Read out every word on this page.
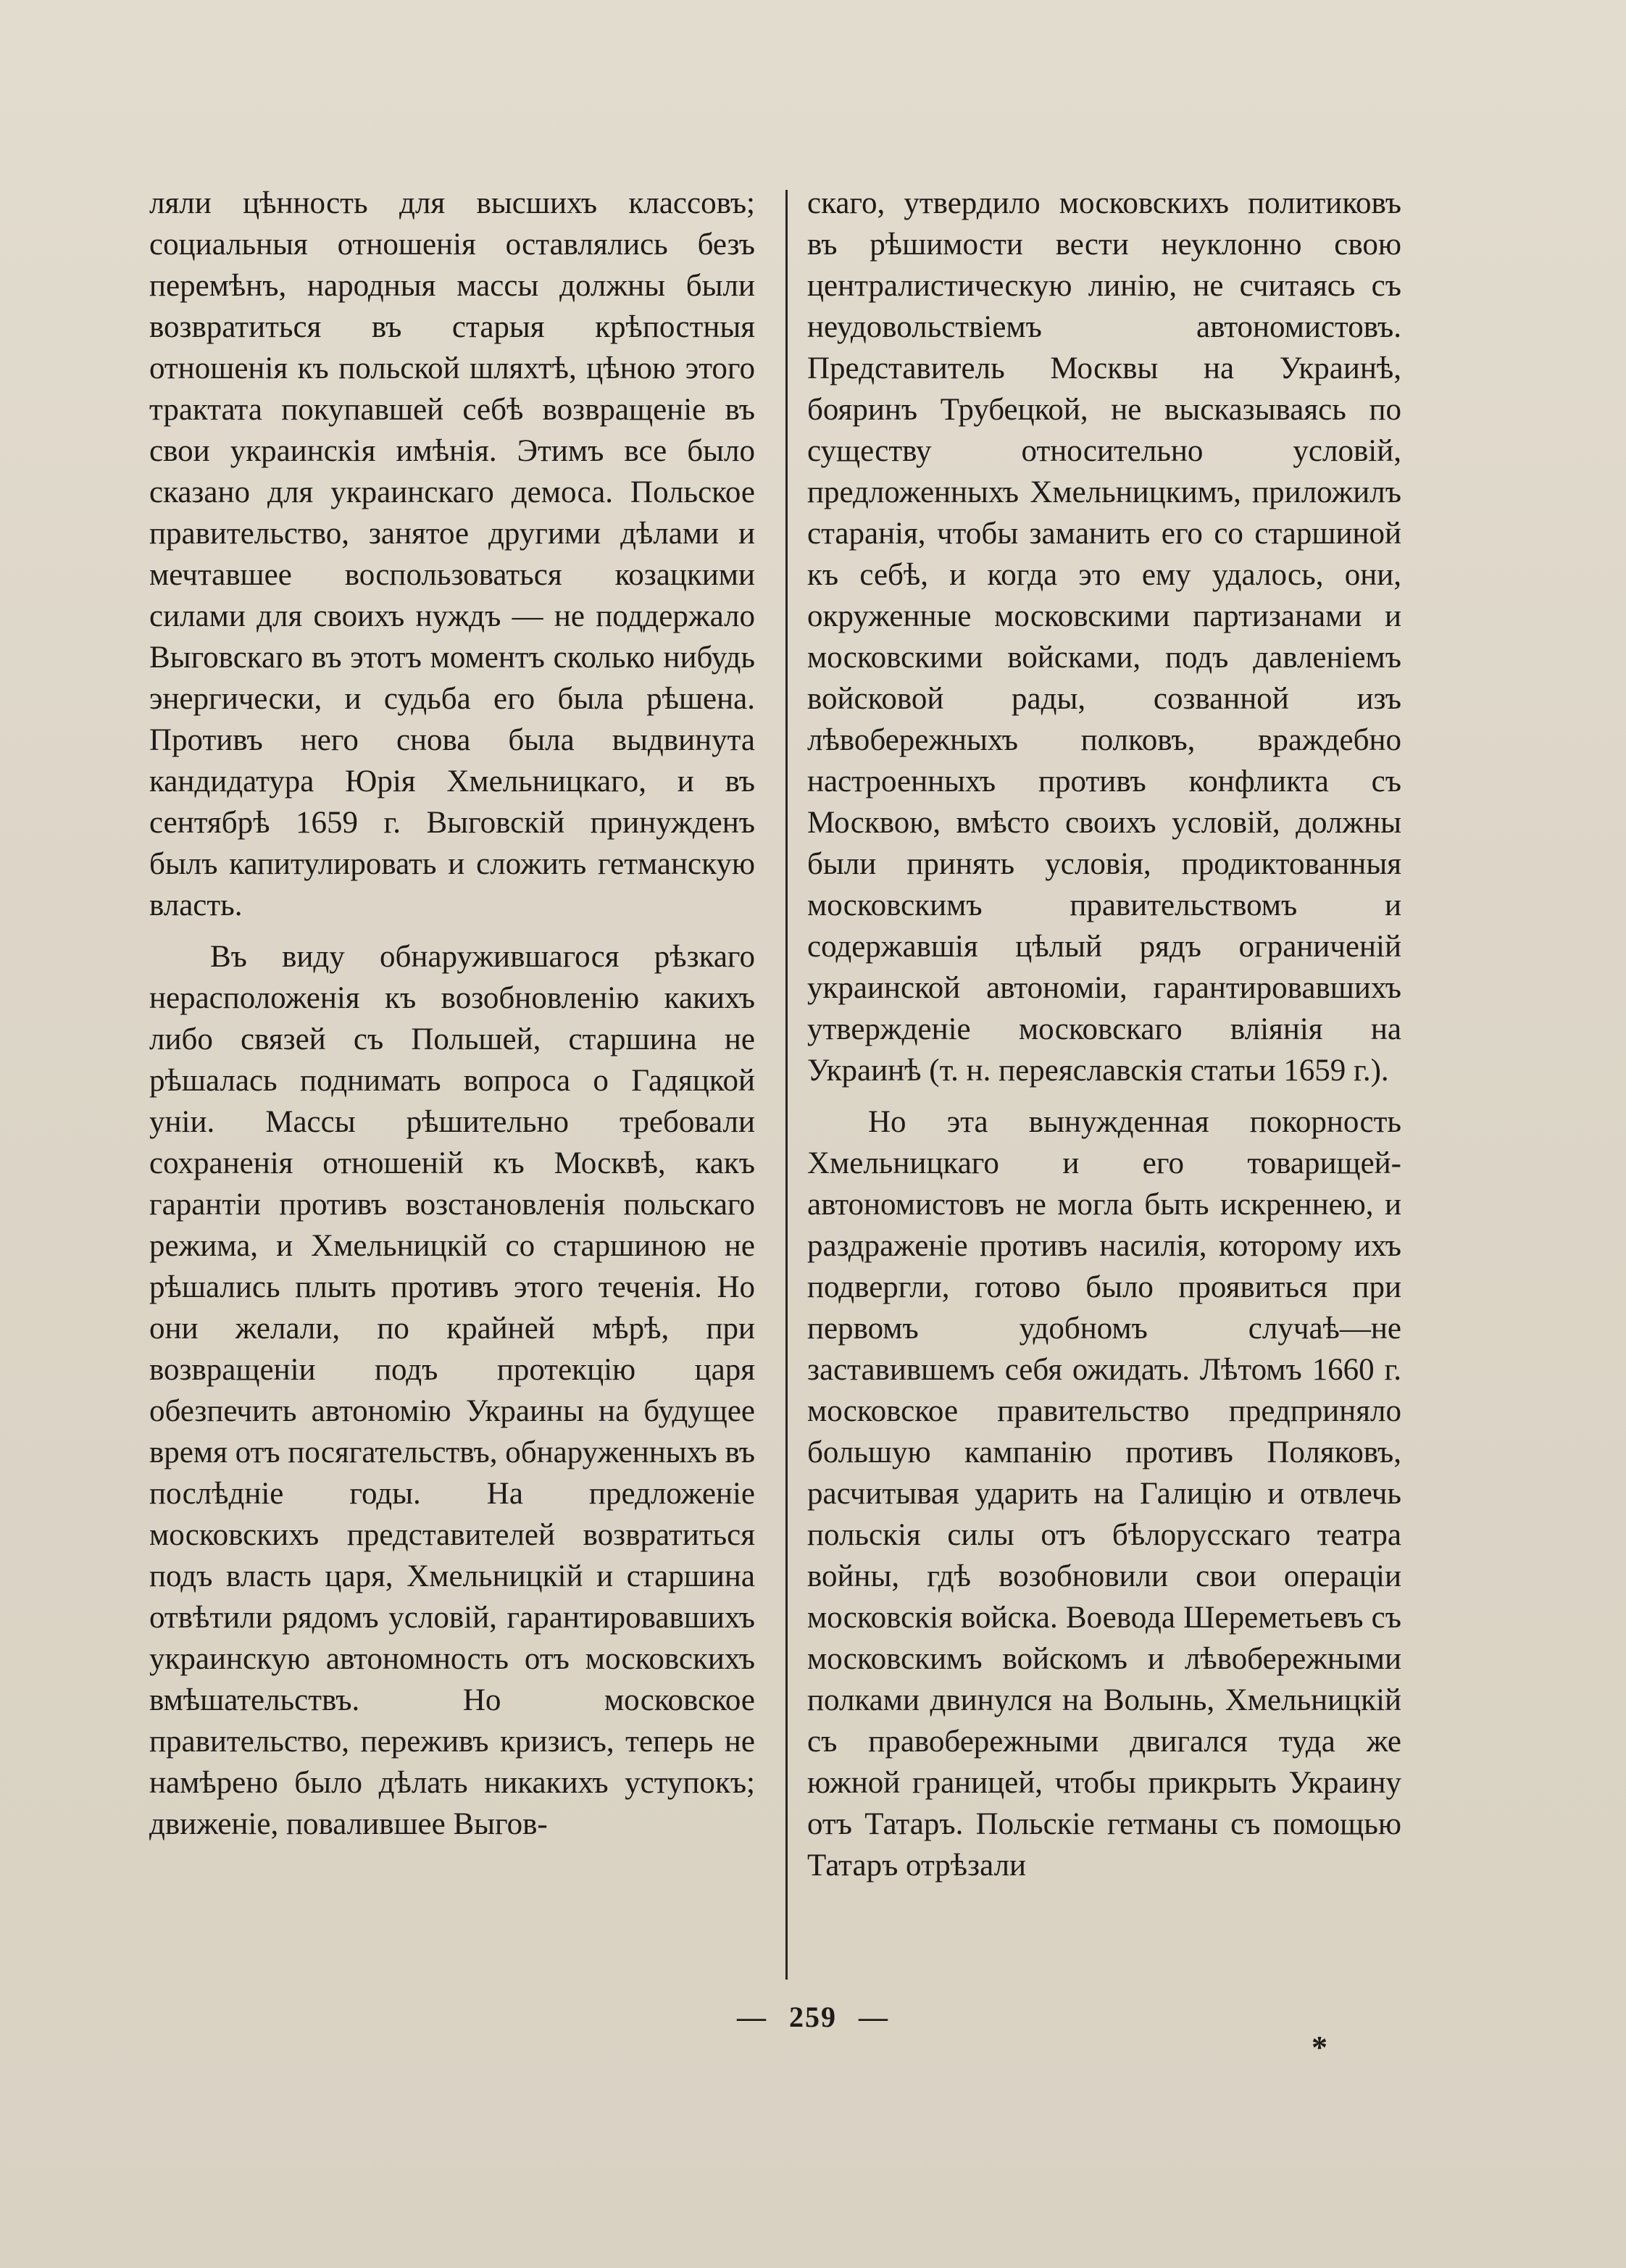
ляли цѣнность для высшихъ классовъ; социальныя отношенія оставлялись безъ перемѣнъ, народныя массы должны были возвратиться въ старыя крѣпостныя отношенія къ польской шляхтѣ, цѣною этого трактата покупавшей себѣ возвращеніе въ свои украинскія имѣнія. Этимъ все было сказано для украинскаго демоса. Польское правительство, занятое другими дѣлами и мечтавшее воспользоваться козацкими силами для своихъ нуждъ — не поддержало Выговскаго въ этотъ моментъ сколько нибудь энергически, и судьба его была рѣшена. Противъ него снова была выдвинута кандидатура Юрія Хмельницкаго, и въ сентябрѣ 1659 г. Выговскій принужденъ былъ капитулировать и сложить гетманскую власть.

Въ виду обнаружившагося рѣзкаго нерасположенія къ возобновленію какихъ либо связей съ Польшей, старшина не рѣшалась поднимать вопроса о Гадяцкой уніи. Массы рѣшительно требовали сохраненія отношеній къ Москвѣ, какъ гарантіи противъ возстановленія польскаго режима, и Хмельницкій со старшиною не рѣшались плыть противъ этого теченія. Но они желали, по крайней мѣрѣ, при возвращеніи подъ протекцію царя обезпечить автономію Украины на будущее время отъ посягательствъ, обнаруженныхъ въ послѣдніе годы. На предложеніе московскихъ представителей возвратиться подъ власть царя, Хмельницкій и старшина отвѣтили рядомъ условій, гарантировавшихъ украинскую автономность отъ московскихъ вмѣшательствъ. Но московское правительство, переживъ кризисъ, теперь не намѣрено было дѣлать никакихъ уступокъ; движеніе, повалившее Выгов-

скаго, утвердило московскихъ политиковъ въ рѣшимости вести неуклонно свою централистическую линію, не считаясь съ неудовольствіемъ автономистовъ. Представитель Москвы на Украинѣ, бояринъ Трубецкой, не высказываясь по существу относительно условій, предложенныхъ Хмельницкимъ, приложилъ старанія, чтобы замaнить его со старшиной къ себѣ, и когда это ему удалось, они, окруженные московскими партизанами и московскими войсками, подъ давленіемъ войсковой рады, созванной изъ лѣвобережныхъ полковъ, враждебно настроенныхъ противъ конфликта съ Москвою, вмѣсто своихъ условій, должны были принять условія, продиктованныя московскимъ правительствомъ и содержавшія цѣлый рядъ ограниченій украинской автономіи, гарантировавшихъ утвержденіе московскаго вліянія на Украинѣ (т. н. переяславскія статьи 1659 г.).

Но эта вынужденная покорность Хмельницкаго и его товарищей-автономистовъ не могла быть искреннею, и раздраженіе противъ насилія, которому ихъ подвергли, готово было проявиться при первомъ удобномъ случаѣ—не заставившемъ себя ожидать. Лѣтомъ 1660 г. московское правительство предприняло большую кампанію противъ Поляковъ, расчитывая ударить на Галицію и отвлечь польскія силы отъ бѣлорусскаго театра войны, гдѣ возобновили свои операціи московскія войска. Воевода Шереметьевъ съ московскимъ войскомъ и лѣвобережными полками двинулся на Волынь, Хмельницкій съ правобережными двигался туда же южной границей, чтобы прикрыть Украину отъ Татаръ. Польскіе гетманы съ помощью Татаръ отрѣзали

— 259 —
*
